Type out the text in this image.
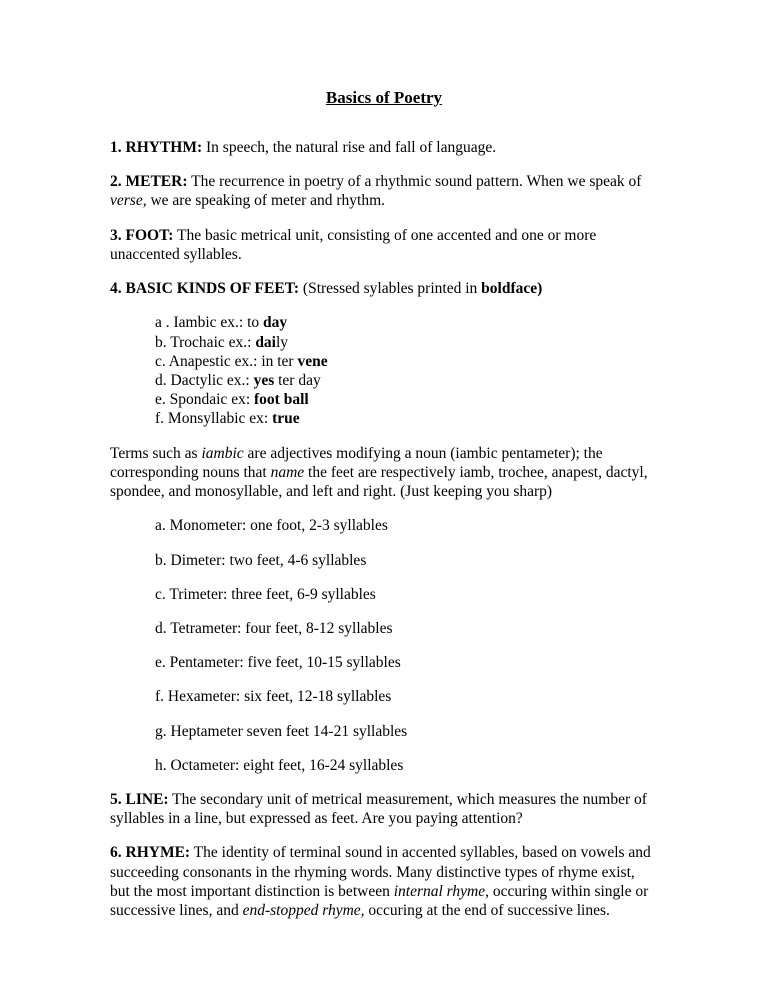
Basics of Poetry

1. RHYTHM: In speech, the natural rise and fall of language.

2. METER: The recurrence in poetry of a rhythmic sound pattern. When we speak of verse, we are speaking of meter and rhythm.

3. FOOT: The basic metrical unit, consisting of one accented and one or more unaccented syllables.

4. BASIC KINDS OF FEET: (Stressed sylables printed in boldface)

a . Iambic ex.: to day
b. Trochaic ex.: daily
c. Anapestic ex.: in ter vene
d. Dactylic ex.: yes ter day
e. Spondaic ex: foot ball
f. Monsyllabic ex: true

Terms such as iambic are adjectives modifying a noun (iambic pentameter); the corresponding nouns that name the feet are respectively iamb, trochee, anapest, dactyl, spondee, and monosyllable, and left and right. (Just keeping you sharp)

a. Monometer: one foot, 2-3 syllables

b. Dimeter: two feet, 4-6 syllables

c. Trimeter: three feet, 6-9 syllables

d. Tetrameter: four feet, 8-12 syllables

e. Pentameter: five feet, 10-15 syllables

f. Hexameter: six feet, 12-18 syllables

g. Heptameter seven feet 14-21 syllables

h. Octameter: eight feet, 16-24 syllables

5. LINE: The secondary unit of metrical measurement, which measures the number of syllables in a line, but expressed as feet. Are you paying attention?

6. RHYME: The identity of terminal sound in accented syllables, based on vowels and succeeding consonants in the rhyming words. Many distinctive types of rhyme exist, but the most important distinction is between internal rhyme, occuring within single or successive lines, and end-stopped rhyme, occuring at the end of successive lines.
